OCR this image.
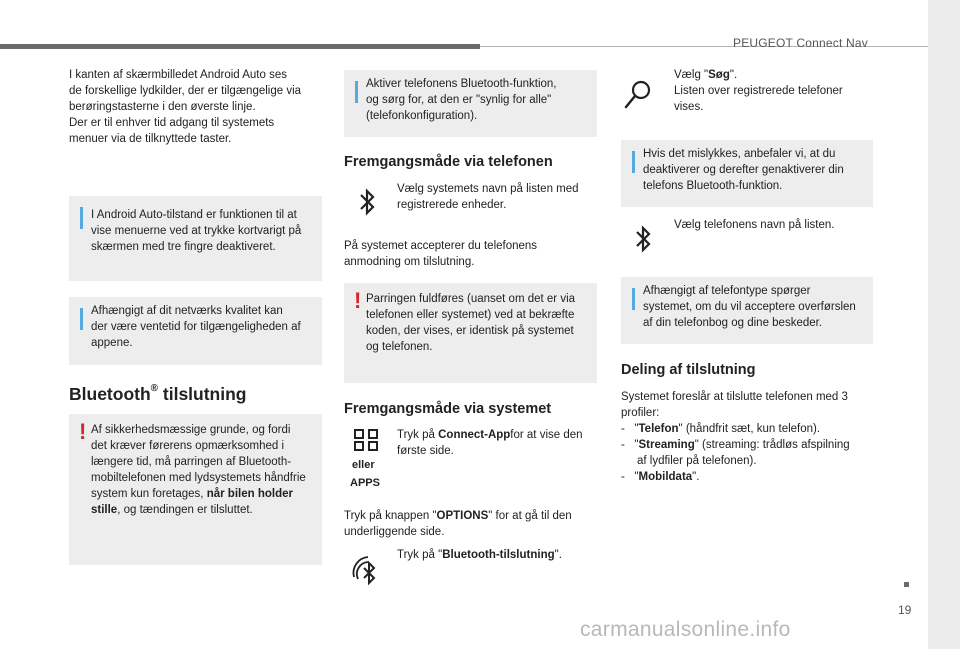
PEUGEOT Connect Nav
I kanten af skærmbilledet Android Auto ses
de forskellige lydkilder, der er tilgængelige via
berøringstasterne i den øverste linje.
Der er til enhver tid adgang til systemets
menuer via de tilknyttede taster.
I Android Auto-tilstand er funktionen til at
vise menuerne ved at trykke kortvarigt på
skærmen med tre fingre deaktiveret.
Afhængigt af dit netværks kvalitet kan
der være ventetid for tilgængeligheden af
appene.
Bluetooth® tilslutning
! Af sikkerhedsmæssige grunde, og fordi
det kræver førerens opmærksomhed i
længere tid, må parringen af Bluetooth-
mobiltelefonen med lydsystemets håndfrie
system kun foretages, når bilen holder
stille, og tændingen er tilsluttet.
Aktiver telefonens Bluetooth-funktion,
og sørg for, at den er "synlig for alle"
(telefonkonfiguration).
Fremgangsmåde via telefonen
Vælg systemets navn på listen med
registrerede enheder.
På systemet accepterer du telefonens
anmodning om tilslutning.
! Parringen fuldføres (uanset om det er via
telefonen eller systemet) ved at bekræfte
koden, der vises, er identisk på systemet
og telefonen.
Fremgangsmåde via systemet
eller
APPS
Tryk på Connect-Appfor at vise den
første side.
Tryk på knappen "OPTIONS" for at gå til den
underliggende side.
Tryk på "Bluetooth-tilslutning".
Vælg "Søg".
Listen over registrerede telefoner
vises.
Hvis det mislykkes, anbefaler vi, at du
deaktiverer og derefter genaktiverer din
telefons Bluetooth-funktion.
Vælg telefonens navn på listen.
Afhængigt af telefontype spørger
systemet, om du vil acceptere overførslen
af din telefonbog og dine beskeder.
Deling af tilslutning
Systemet foreslår at tilslutte telefonen med 3
profiler:
-   "Telefon" (håndfrit sæt, kun telefon).
-   "Streaming" (streaming: trådløs afspilning
af lydfiler på telefonen).
-   "Mobildata".
19
carmanualsonline.info
